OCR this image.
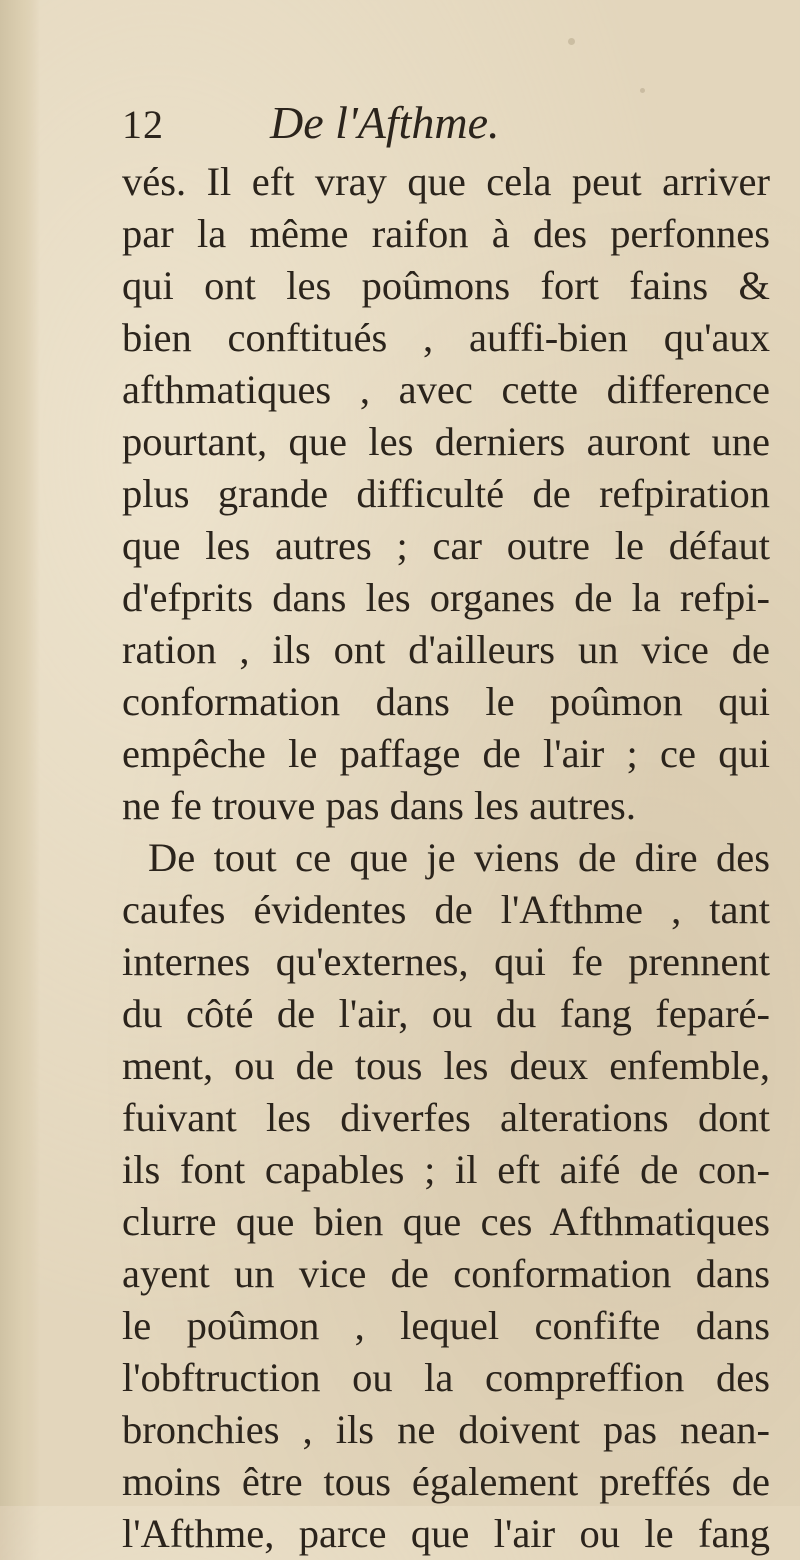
12 De l'Afthme.
vés. Il eft vray que cela peut arriver
par la même raifon à des perfonnes
qui ont les poûmons fort fains &
bien conftitués , auffi-bien qu'aux
afthmatiques , avec cette difference
pourtant, que les derniers auront une
plus grande difficulté de refpiration
que les autres ; car outre le défaut
d'efprits dans les organes de la refpi-
ration , ils ont d'ailleurs un vice de
conformation dans le poûmon qui
empêche le paffage de l'air ; ce qui
ne fe trouve pas dans les autres.
De tout ce que je viens de dire des
caufes évidentes de l'Afthme , tant
internes qu'externes, qui fe prennent
du côté de l'air, ou du fang feparé-
ment, ou de tous les deux enfemble,
fuivant les diverfes alterations dont
ils font capables ; il eft aifé de con-
clurre que bien que ces Afthmatiques
ayent un vice de conformation dans
le poûmon , lequel confifte dans
l'obftruction ou la compreffion des
bronchies , ils ne doivent pas nean-
moins être tous également preffés de
l'Afthme, parce que l'air ou le fang
